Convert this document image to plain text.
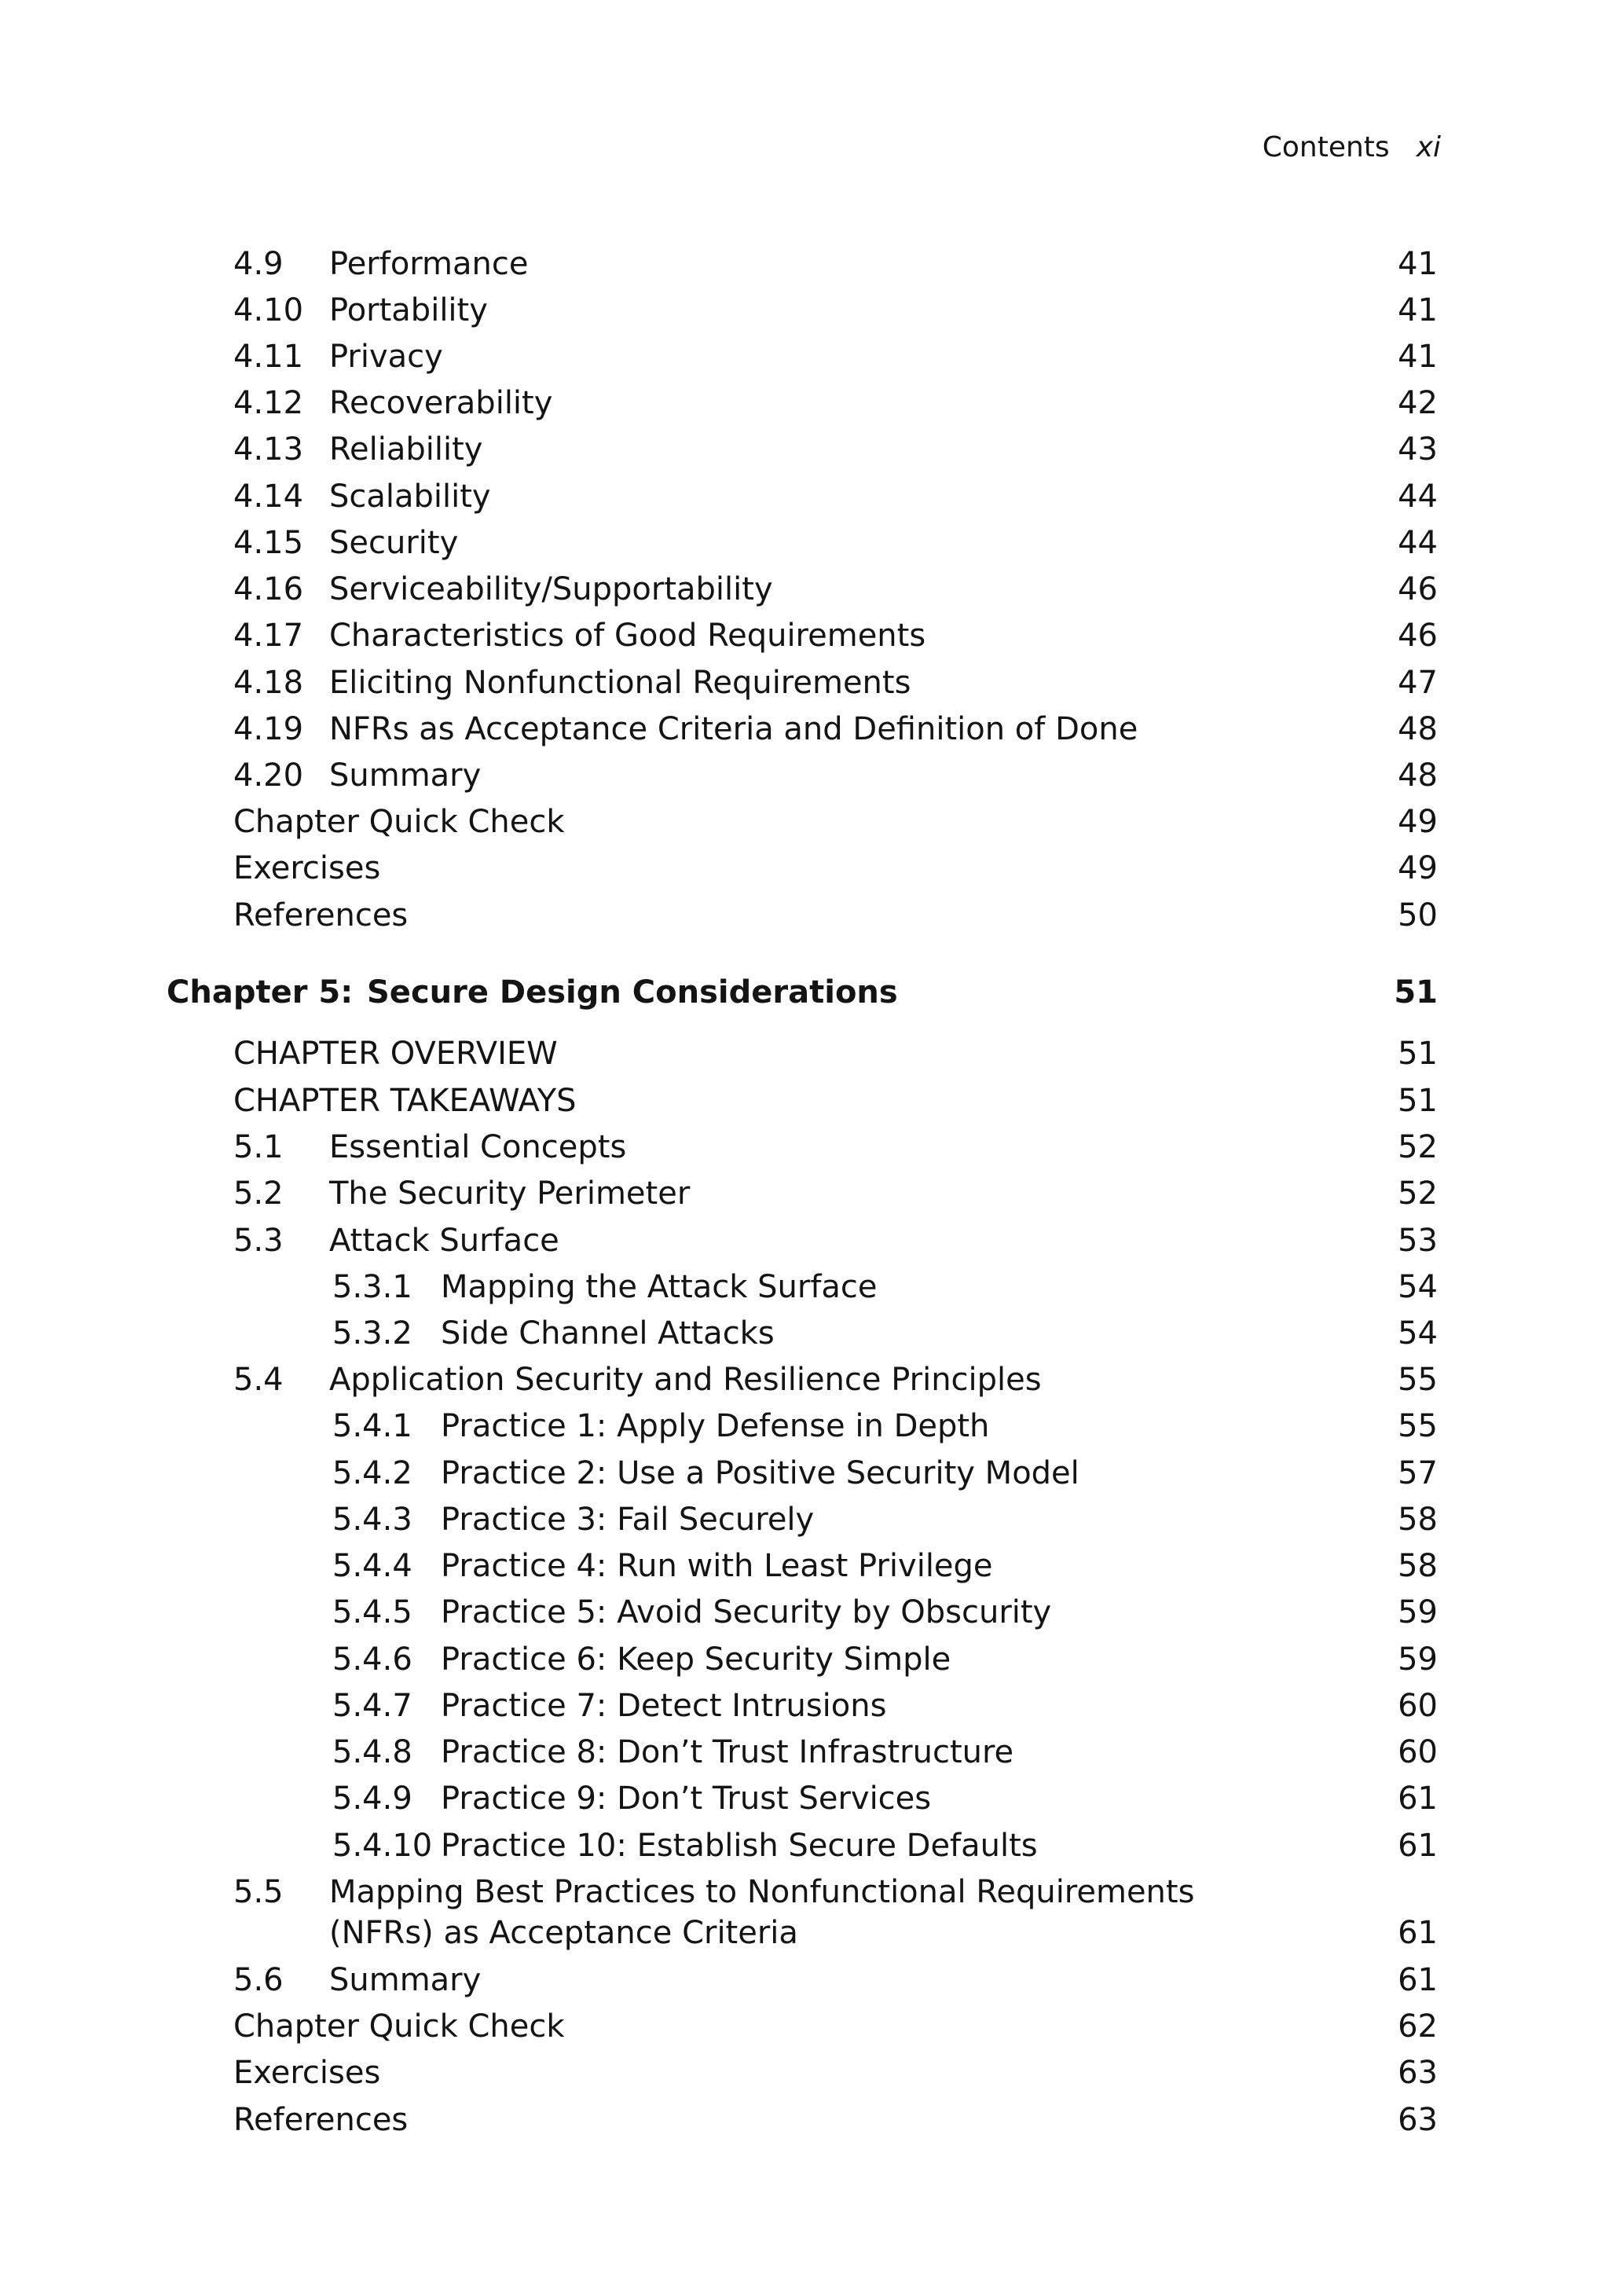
Contents xi
4.9 Performance	41
4.10 Portability	41
4.11 Privacy	41
4.12 Recoverability	42
4.13 Reliability	43
4.14 Scalability	44
4.15 Security	44
4.16 Serviceability/Supportability	46
4.17 Characteristics of Good Requirements	46
4.18 Eliciting Nonfunctional Requirements	47
4.19 NFRs as Acceptance Criteria and Definition of Done	48
4.20 Summary	48
Chapter Quick Check	49
Exercises	49
References	50
Chapter 5: Secure Design Considerations	51
CHAPTER OVERVIEW	51
CHAPTER TAKEAWAYS	51
5.1 Essential Concepts	52
5.2 The Security Perimeter	52
5.3 Attack Surface	53
5.3.1 Mapping the Attack Surface	54
5.3.2 Side Channel Attacks	54
5.4 Application Security and Resilience Principles	55
5.4.1 Practice 1: Apply Defense in Depth	55
5.4.2 Practice 2: Use a Positive Security Model	57
5.4.3 Practice 3: Fail Securely	58
5.4.4 Practice 4: Run with Least Privilege	58
5.4.5 Practice 5: Avoid Security by Obscurity	59
5.4.6 Practice 6: Keep Security Simple	59
5.4.7 Practice 7: Detect Intrusions	60
5.4.8 Practice 8: Don’t Trust Infrastructure	60
5.4.9 Practice 9: Don’t Trust Services	61
5.4.10 Practice 10: Establish Secure Defaults	61
5.5 Mapping Best Practices to Nonfunctional Requirements (NFRs) as Acceptance Criteria	61
5.6 Summary	61
Chapter Quick Check	62
Exercises	63
References	63
